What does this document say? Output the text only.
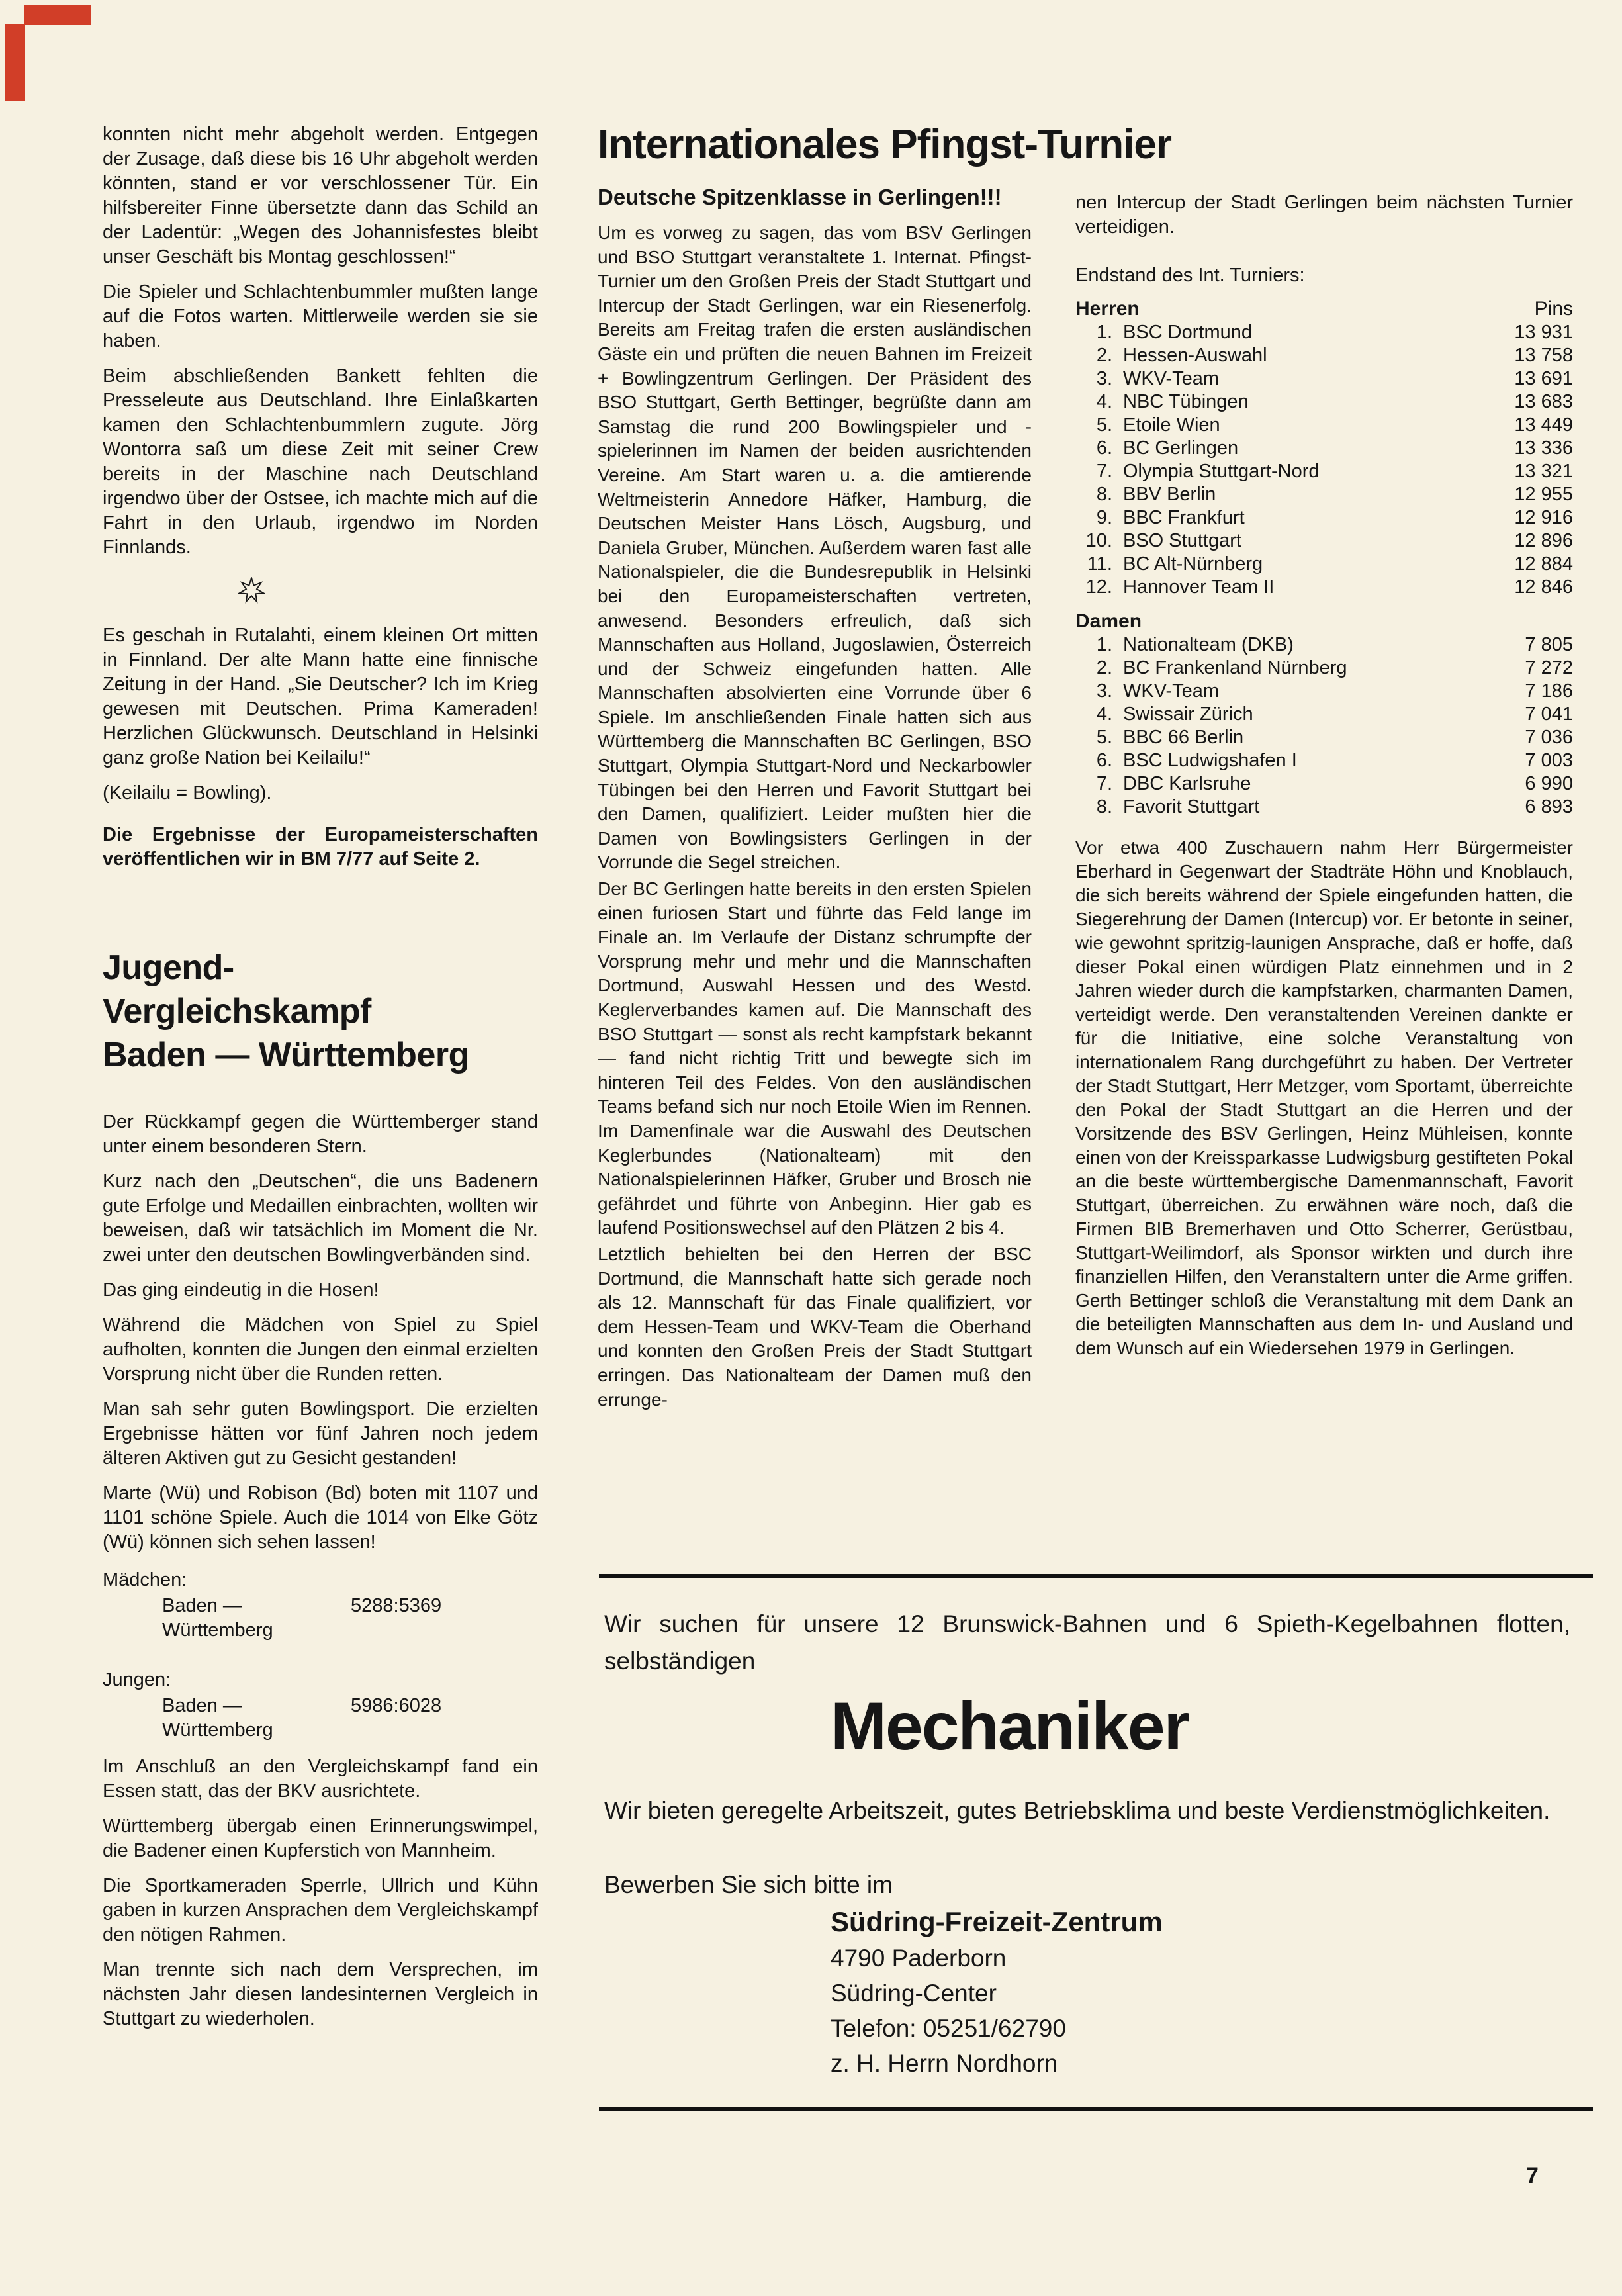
konnten nicht mehr abgeholt werden. Entgegen der Zusage, daß diese bis 16 Uhr abgeholt werden könnten, stand er vor verschlossener Tür. Ein hilfsbereiter Finne übersetzte dann das Schild an der Ladentür: „Wegen des Johannisfestes bleibt unser Geschäft bis Montag geschlossen!“

Die Spieler und Schlachtenbummler mußten lange auf die Fotos warten. Mittlerweile werden sie sie haben.

Beim abschließenden Bankett fehlten die Presseleute aus Deutschland. Ihre Einlaßkarten kamen den Schlachtenbummlern zugute. Jörg Wontorra saß um diese Zeit mit seiner Crew bereits in der Maschine nach Deutschland irgendwo über der Ostsee, ich machte mich auf die Fahrt in den Urlaub, irgendwo im Norden Finnlands.

Es geschah in Rutalahti, einem kleinen Ort mitten in Finnland. Der alte Mann hatte eine finnische Zeitung in der Hand. „Sie Deutscher? Ich im Krieg gewesen mit Deutschen. Prima Kameraden! Herzlichen Glückwunsch. Deutschland in Helsinki ganz große Nation bei Keilailu!“

(Keilailu = Bowling).

Die Ergebnisse der Europameisterschaften veröffentlichen wir in BM 7/77 auf Seite 2.

Jugend-
Vergleichskampf
Baden — Württemberg

Der Rückkampf gegen die Württemberger stand unter einem besonderen Stern.

Kurz nach den „Deutschen“, die uns Badenern gute Erfolge und Medaillen einbrachten, wollten wir beweisen, daß wir tatsächlich im Moment die Nr. zwei unter den deutschen Bowlingverbänden sind.

Das ging eindeutig in die Hosen!

Während die Mädchen von Spiel zu Spiel aufholten, konnten die Jungen den einmal erzielten Vorsprung nicht über die Runden retten.

Man sah sehr guten Bowlingsport. Die erzielten Ergebnisse hätten vor fünf Jahren noch jedem älteren Aktiven gut zu Gesicht gestanden!

Marte (Wü) und Robison (Bd) boten mit 1107 und 1101 schöne Spiele. Auch die 1014 von Elke Götz (Wü) können sich sehen lassen!

Mädchen:
Baden — Württemberg
5288:5369
Jungen:
Baden — Württemberg
5986:6028

Im Anschluß an den Vergleichskampf fand ein Essen statt, das der BKV ausrichtete.

Württemberg übergab einen Erinnerungswimpel, die Badener einen Kupferstich von Mannheim.

Die Sportkameraden Sperrle, Ullrich und Kühn gaben in kurzen Ansprachen dem Vergleichskampf den nötigen Rahmen.

Man trennte sich nach dem Versprechen, im nächsten Jahr diesen landesinternen Vergleich in Stuttgart zu wiederholen.

Internationales Pfingst-Turnier
Deutsche Spitzenklasse in Gerlingen!!!

Um es vorweg zu sagen, das vom BSV Gerlingen und BSO Stuttgart veranstaltete 1. Internat. Pfingst-Turnier um den Großen Preis der Stadt Stuttgart und Intercup der Stadt Gerlingen, war ein Riesenerfolg. Bereits am Freitag trafen die ersten ausländischen Gäste ein und prüften die neuen Bahnen im Freizeit + Bowlingzentrum Gerlingen. Der Präsident des BSO Stuttgart, Gerth Bettinger, begrüßte dann am Samstag die rund 200 Bowlingspieler und -spielerinnen im Namen der beiden ausrichtenden Vereine. Am Start waren u. a. die amtierende Weltmeisterin Annedore Häfker, Hamburg, die Deutschen Meister Hans Lösch, Augsburg, und Daniela Gruber, München. Außerdem waren fast alle Nationalspieler, die die Bundesrepublik in Helsinki bei den Europameisterschaften vertreten, anwesend. Besonders erfreulich, daß sich Mannschaften aus Holland, Jugoslawien, Österreich und der Schweiz eingefunden hatten. Alle Mannschaften absolvierten eine Vorrunde über 6 Spiele. Im anschließenden Finale hatten sich aus Württemberg die Mannschaften BC Gerlingen, BSO Stuttgart, Olympia Stuttgart-Nord und Neckarbowler Tübingen bei den Herren und Favorit Stuttgart bei den Damen, qualifiziert. Leider mußten hier die Damen von Bowlingsisters Gerlingen in der Vorrunde die Segel streichen.

Der BC Gerlingen hatte bereits in den ersten Spielen einen furiosen Start und führte das Feld lange im Finale an. Im Verlaufe der Distanz schrumpfte der Vorsprung mehr und mehr und die Mannschaften Dortmund, Auswahl Hessen und des Westd. Keglerverbandes kamen auf. Die Mannschaft des BSO Stuttgart — sonst als recht kampfstark bekannt — fand nicht richtig Tritt und bewegte sich im hinteren Teil des Feldes. Von den ausländischen Teams befand sich nur noch Etoile Wien im Rennen. Im Damenfinale war die Auswahl des Deutschen Keglerbundes (Nationalteam) mit den Nationalspielerinnen Häfker, Gruber und Brosch nie gefährdet und führte von Anbeginn. Hier gab es laufend Positionswechsel auf den Plätzen 2 bis 4.

Letztlich behielten bei den Herren der BSC Dortmund, die Mannschaft hatte sich gerade noch als 12. Mannschaft für das Finale qualifiziert, vor dem Hessen-Team und WKV-Team die Oberhand und konnten den Großen Preis der Stadt Stuttgart erringen. Das Nationalteam der Damen muß den errunge-

nen Intercup der Stadt Gerlingen beim nächsten Turnier verteidigen.

Endstand des Int. Turniers:

Herren	Pins
1. BSC Dortmund	13 931
2. Hessen-Auswahl	13 758
3. WKV-Team	13 691
4. NBC Tübingen	13 683
5. Etoile Wien	13 449
6. BC Gerlingen	13 336
7. Olympia Stuttgart-Nord	13 321
8. BBV Berlin	12 955
9. BBC Frankfurt	12 916
10. BSO Stuttgart	12 896
11. BC Alt-Nürnberg	12 884
12. Hannover Team II	12 846
Damen
1. Nationalteam (DKB)	7 805
2. BC Frankenland Nürnberg	7 272
3. WKV-Team	7 186
4. Swissair Zürich	7 041
5. BBC 66 Berlin	7 036
6. BSC Ludwigshafen I	7 003
7. DBC Karlsruhe	6 990
8. Favorit Stuttgart	6 893

Vor etwa 400 Zuschauern nahm Herr Bürgermeister Eberhard in Gegenwart der Stadträte Höhn und Knoblauch, die sich bereits während der Spiele eingefunden hatten, die Siegerehrung der Damen (Intercup) vor. Er betonte in seiner, wie gewohnt spritzig-launigen Ansprache, daß er hoffe, daß dieser Pokal einen würdigen Platz einnehmen und in 2 Jahren wieder durch die kampfstarken, charmanten Damen, verteidigt werde. Den veranstaltenden Vereinen dankte er für die Initiative, eine solche Veranstaltung von internationalem Rang durchgeführt zu haben. Der Vertreter der Stadt Stuttgart, Herr Metzger, vom Sportamt, überreichte den Pokal der Stadt Stuttgart an die Herren und der Vorsitzende des BSV Gerlingen, Heinz Mühleisen, konnte einen von der Kreissparkasse Ludwigsburg gestifteten Pokal an die beste württembergische Damenmannschaft, Favorit Stuttgart, überreichen. Zu erwähnen wäre noch, daß die Firmen BIB Bremerhaven und Otto Scherrer, Gerüstbau, Stuttgart-Weilimdorf, als Sponsor wirkten und durch ihre finanziellen Hilfen, den Veranstaltern unter die Arme griffen. Gerth Bettinger schloß die Veranstaltung mit dem Dank an die beteiligten Mannschaften aus dem In- und Ausland und dem Wunsch auf ein Wiedersehen 1979 in Gerlingen.

Wir suchen für unsere 12 Brunswick-Bahnen und 6 Spieth-Kegelbahnen flotten, selbständigen

Mechaniker

Wir bieten geregelte Arbeitszeit, gutes Betriebsklima und beste Verdienstmöglichkeiten.

Bewerben Sie sich bitte im

Südring-Freizeit-Zentrum
4790 Paderborn
Südring-Center
Telefon: 05251/62790
z. H. Herrn Nordhorn
7
